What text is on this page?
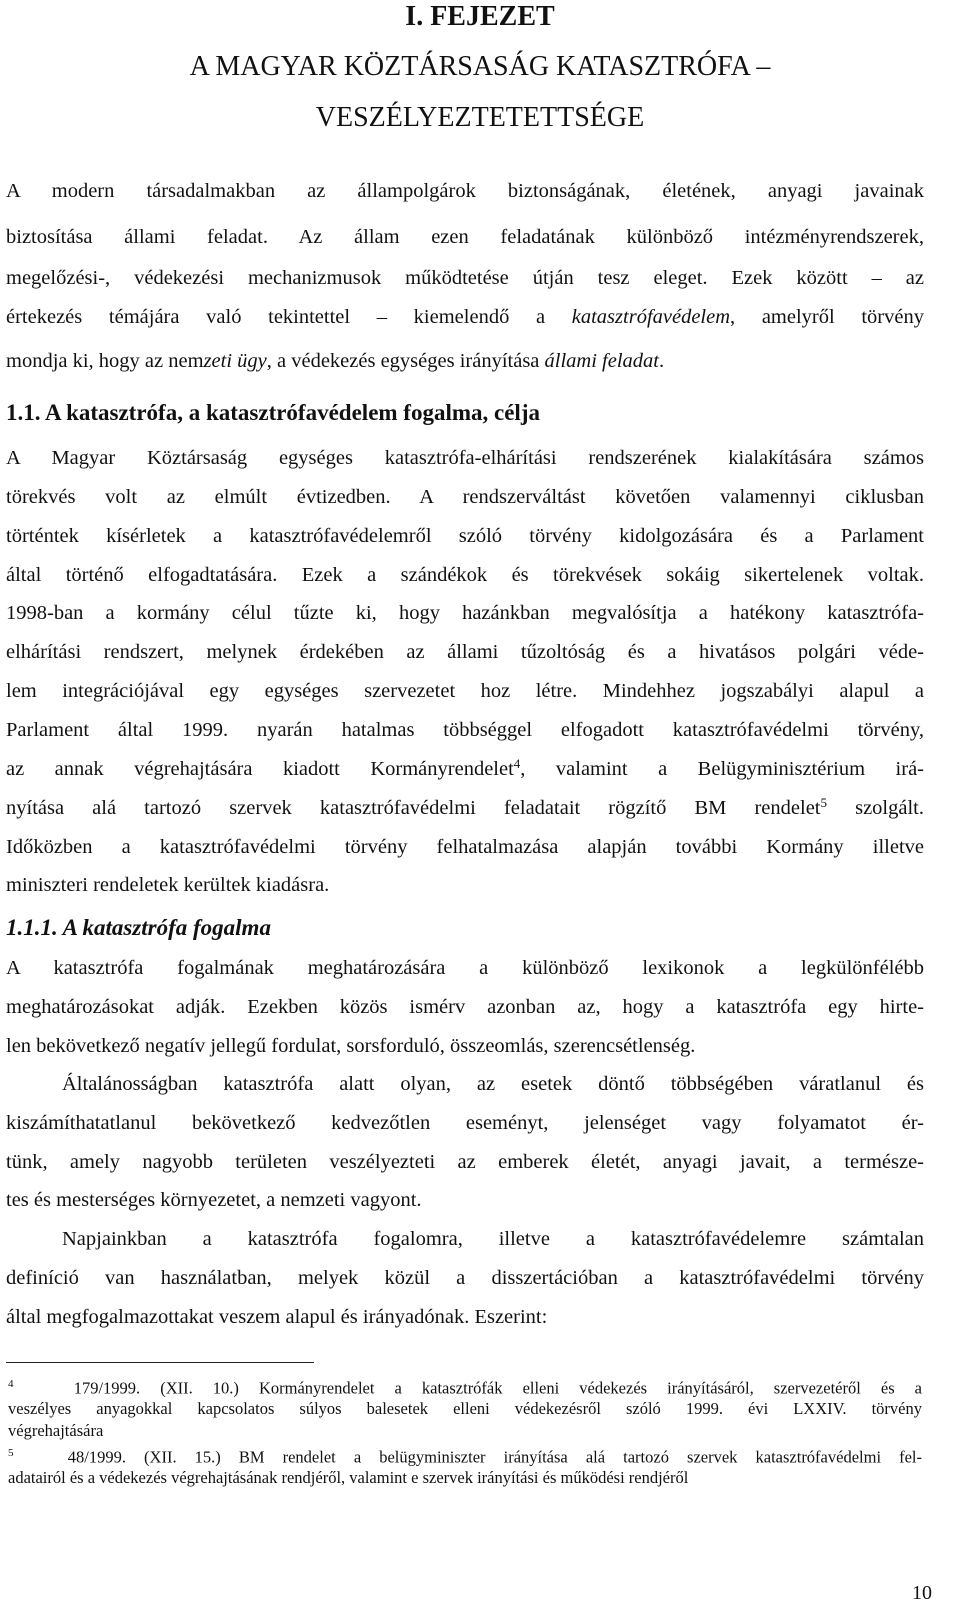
I. FEJEZET
A MAGYAR KÖZTÁRSASÁG KATASZTRÓFA –
VESZÉLYEZTETETTSÉGE
A modern társadalmakban az állampolgárok biztonságának, életének, anyagi javainak
biztosítása állami feladat. Az állam ezen feladatának különböző intézményrendszerek,
megelőzési-, védekezési mechanizmusok működtetése útján tesz eleget. Ezek között – az
értekezés témájára való tekintettel – kiemelendő a katasztrófavédelem, amelyről törvény
mondja ki, hogy az nemzeti ügy, a védekezés egységes irányítása állami feladat.
1.1. A katasztrófa, a katasztrófavédelem fogalma, célja
A Magyar Köztársaság egységes katasztrófa-elhárítási rendszerének kialakítására számos
törekvés volt az elmúlt évtizedben. A rendszerváltást követően valamennyi ciklusban
történtek kísérletek a katasztrófavédelemről szóló törvény kidolgozására és a Parlament
által történő elfogadtatására. Ezek a szándékok és törekvések sokáig sikertelenek voltak.
1998-ban a kormány célul tűzte ki, hogy hazánkban megvalósítja a hatékony katasztrófa-
elhárítási rendszert, melynek érdekében az állami tűzoltóság és a hivatásos polgári véde-
lem integrációjával egy egységes szervezetet hoz létre. Mindehhez jogszabályi alapul a
Parlament által 1999. nyarán hatalmas többséggel elfogadott katasztrófavédelmi törvény,
az annak végrehajtására kiadott Kormányrendelet$^4$, valamint a Belügyminisztérium irá-
nyítása alá tartozó szervek katasztrófavédelmi feladatait rögzítő BM rendelet$^5$ szolgált.
Időközben a katasztrófavédelmi törvény felhatalmazása alapján további Kormány illetve
miniszteri rendeletek kerültek kiadásra.
1.1.1. A katasztrófa fogalma
A katasztrófa fogalmának meghatározására a különböző lexikonok a legkülönfélébb
meghatározásokat adják. Ezekben közös ismérv azonban az, hogy a katasztrófa egy hirte-
len bekövetkező negatív jellegű fordulat, sorsforduló, összeomlás, szerencsétlenség.
Általánosságban katasztrófa alatt olyan, az esetek döntő többségében váratlanul és
kiszámíthatatlanul bekövetkező kedvezőtlen eseményt, jelenséget vagy folyamatot ér-
tünk, amely nagyobb területen veszélyezteti az emberek életét, anyagi javait, a természe-
tes és mesterséges környezetet, a nemzeti vagyont.
Napjainkban a katasztrófa fogalomra, illetve a katasztrófavédelemre számtalan
definíció van használatban, melyek közül a disszertációban a katasztrófavédelmi törvény
által megfogalmazottakat veszem alapul és irányadónak. Eszerint:
$^4$	179/1999. (XII. 10.) Kormányrendelet a katasztrófák elleni védekezés irányításáról, szervezetéről és a
veszélyes anyagokkal kapcsolatos súlyos balesetek elleni védekezésről szóló 1999. évi LXXIV. törvény
végrehajtására
$^5$	48/1999. (XII. 15.) BM rendelet a belügyminiszter irányítása alá tartozó szervek katasztrófavédelmi fel-
adatairól és a védekezés végrehajtásának rendjéről, valamint e szervek irányítási és működési rendjéről
10
